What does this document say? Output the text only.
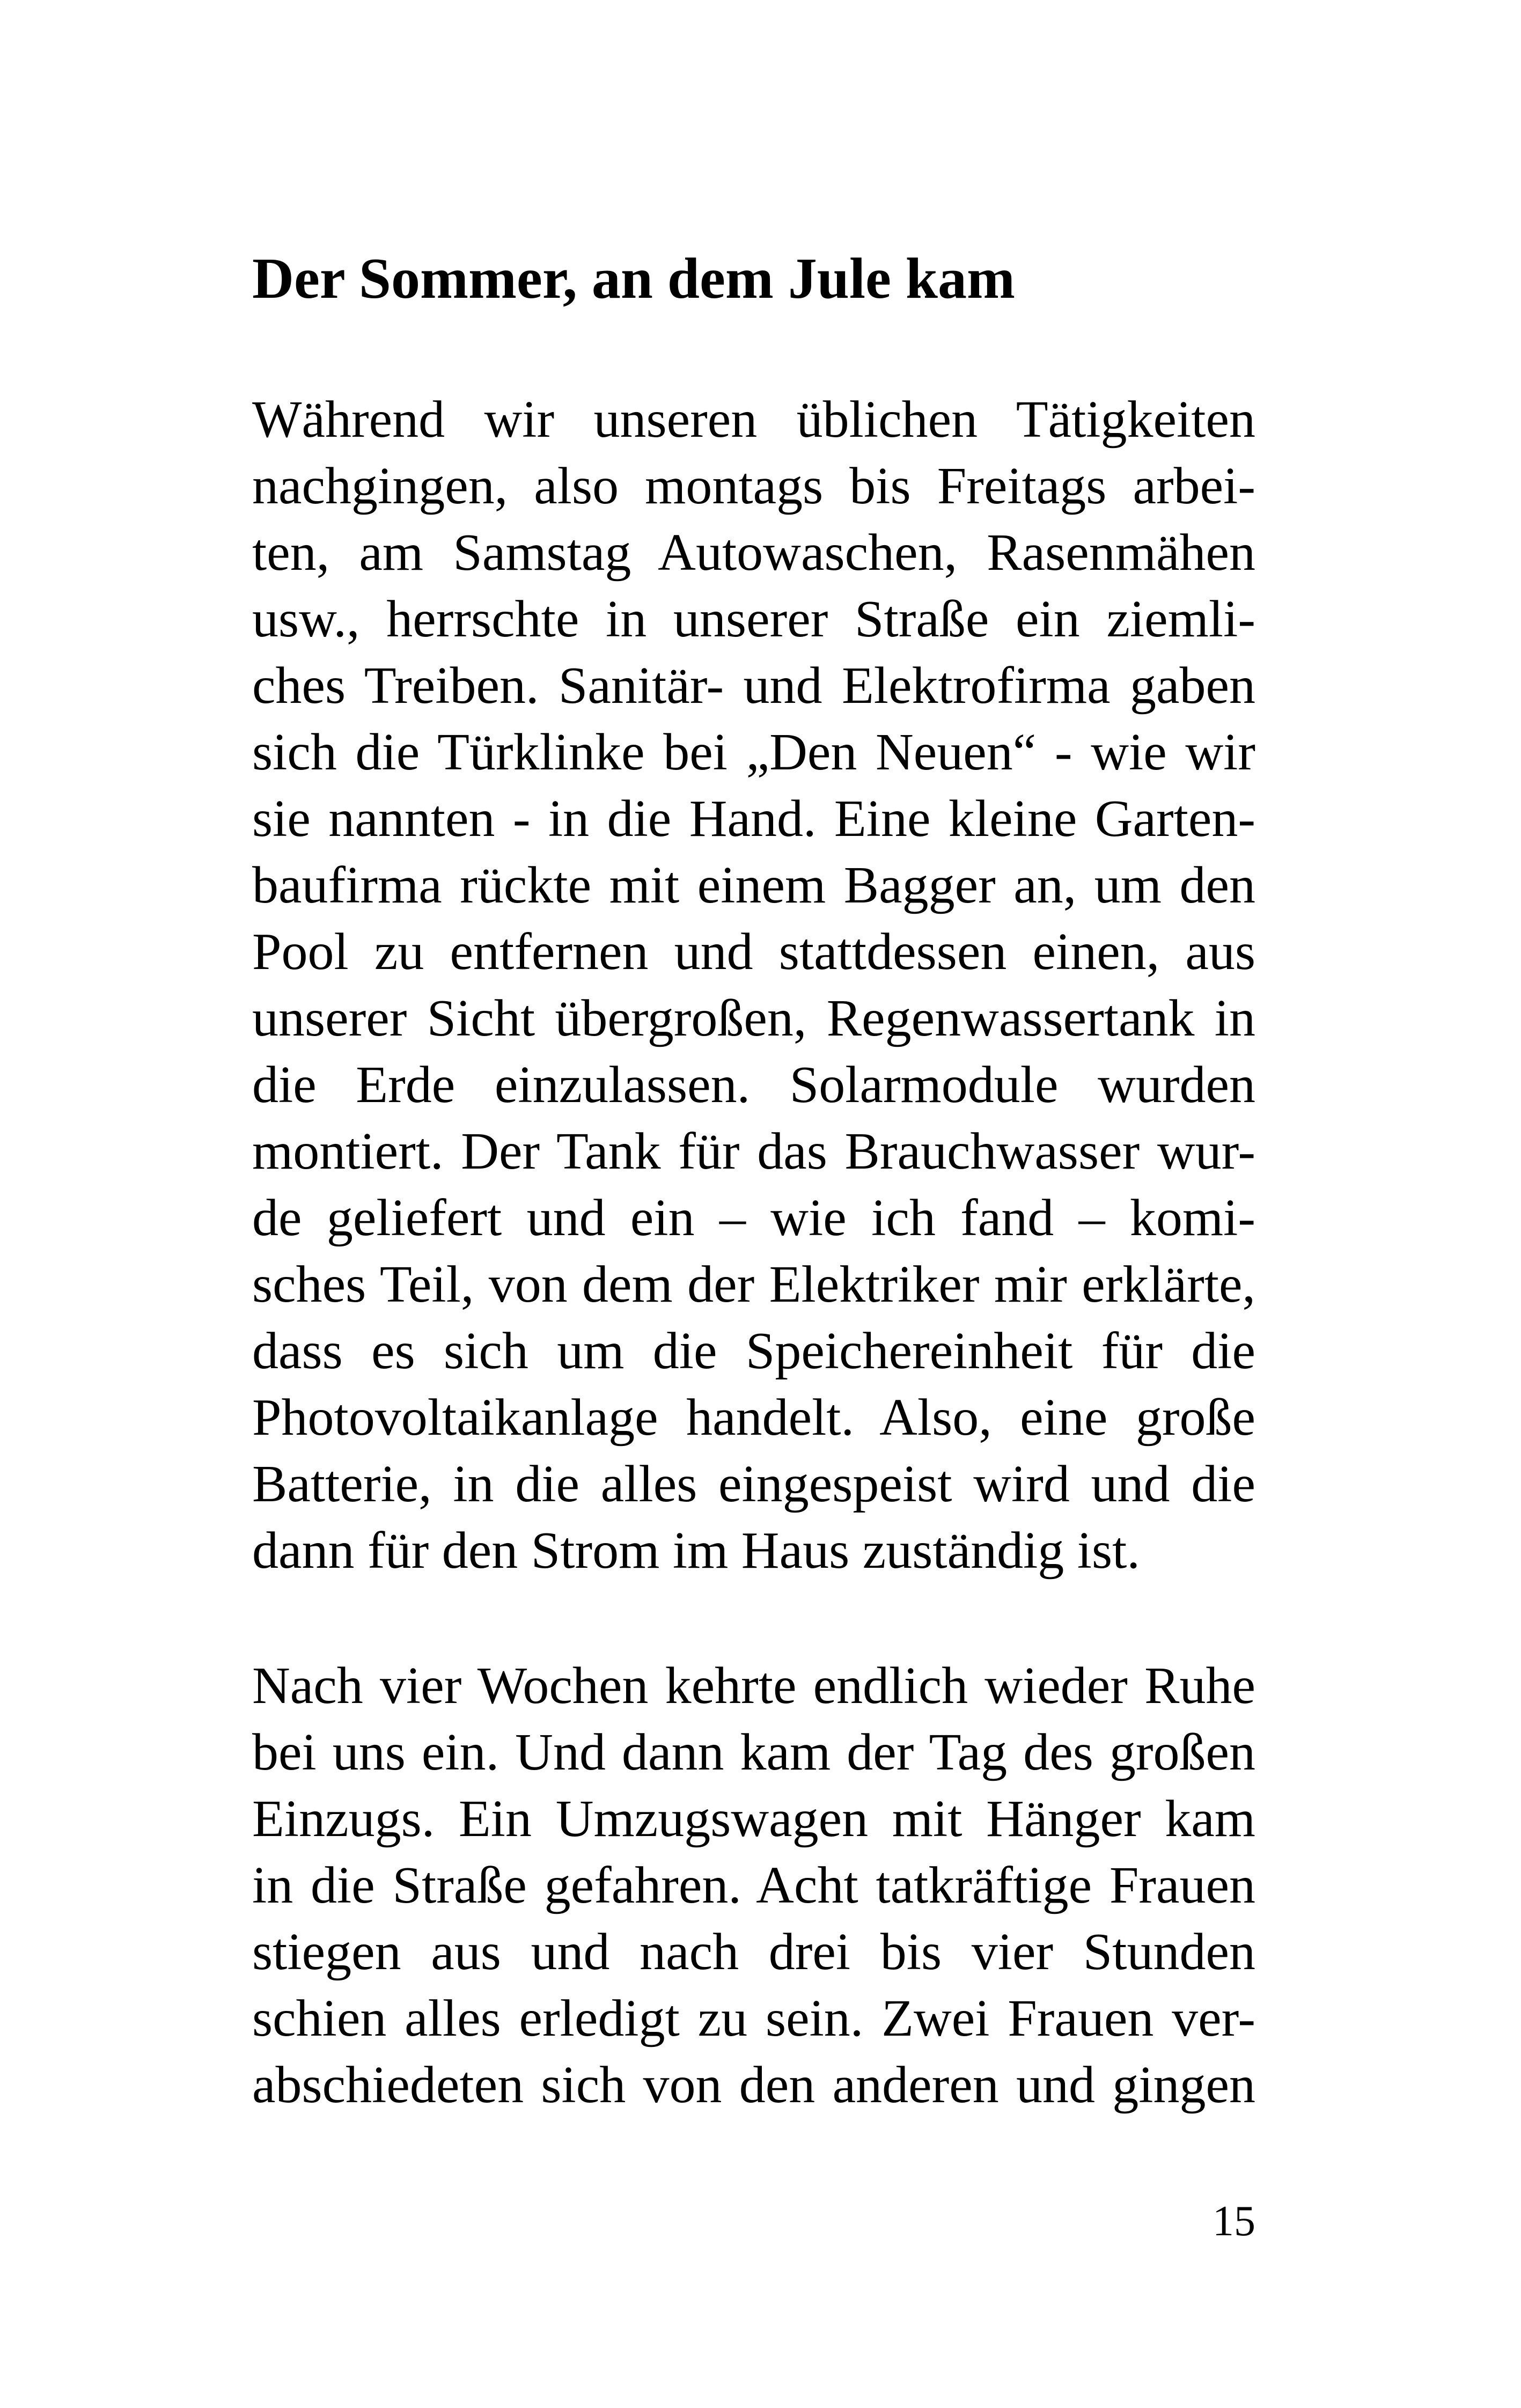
Der Sommer, an dem Jule kam
Während wir unseren üblichen Tätigkeiten
nachgingen, also montags bis Freitags arbei-
ten, am Samstag Autowaschen, Rasenmähen
usw., herrschte in unserer Straße ein ziemli-
ches Treiben. Sanitär- und Elektrofirma gaben
sich die Türklinke bei „Den Neuen“ - wie wir
sie nannten - in die Hand. Eine kleine Garten-
baufirma rückte mit einem Bagger an, um den
Pool zu entfernen und stattdessen einen, aus
unserer Sicht übergroßen, Regenwassertank in
die Erde einzulassen. Solarmodule wurden
montiert. Der Tank für das Brauchwasser wur-
de geliefert und ein – wie ich fand – komi-
sches Teil, von dem der Elektriker mir erklärte,
dass es sich um die Speichereinheit für die
Photovoltaikanlage handelt. Also, eine große
Batterie, in die alles eingespeist wird und die
dann für den Strom im Haus zuständig ist.
Nach vier Wochen kehrte endlich wieder Ruhe
bei uns ein. Und dann kam der Tag des großen
Einzugs. Ein Umzugswagen mit Hänger kam
in die Straße gefahren. Acht tatkräftige Frauen
stiegen aus und nach drei bis vier Stunden
schien alles erledigt zu sein. Zwei Frauen ver-
abschiedeten sich von den anderen und gingen
15
